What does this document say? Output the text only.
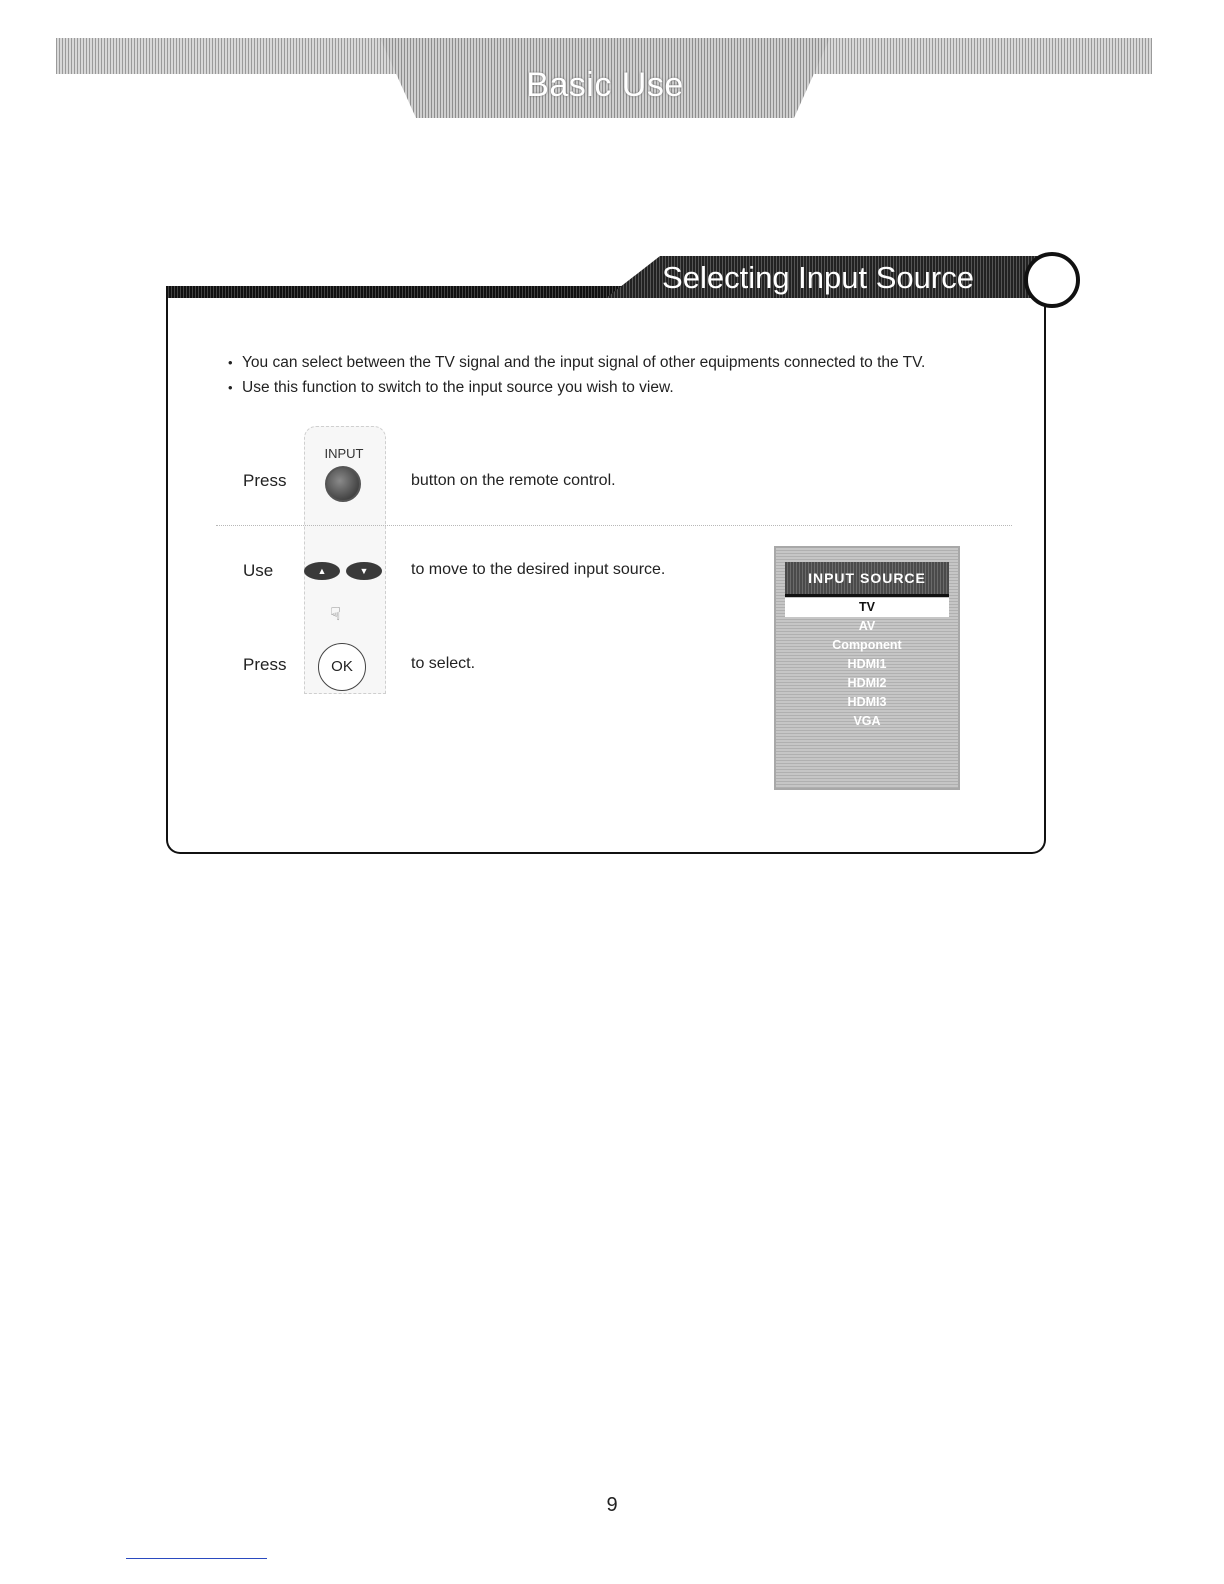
Basic Use
Selecting Input Source
• You can select between the TV signal and the input signal of other equipments connected to the TV.
• Use this function to switch to the input source you wish to view.
Press
INPUT
button on the remote control.
Use	▲	▼	to move to the desired input source.
☟
Press	OK	to select.
INPUT SOURCE
TV
AV
Component
HDMI1
HDMI2
HDMI3
VGA
9
